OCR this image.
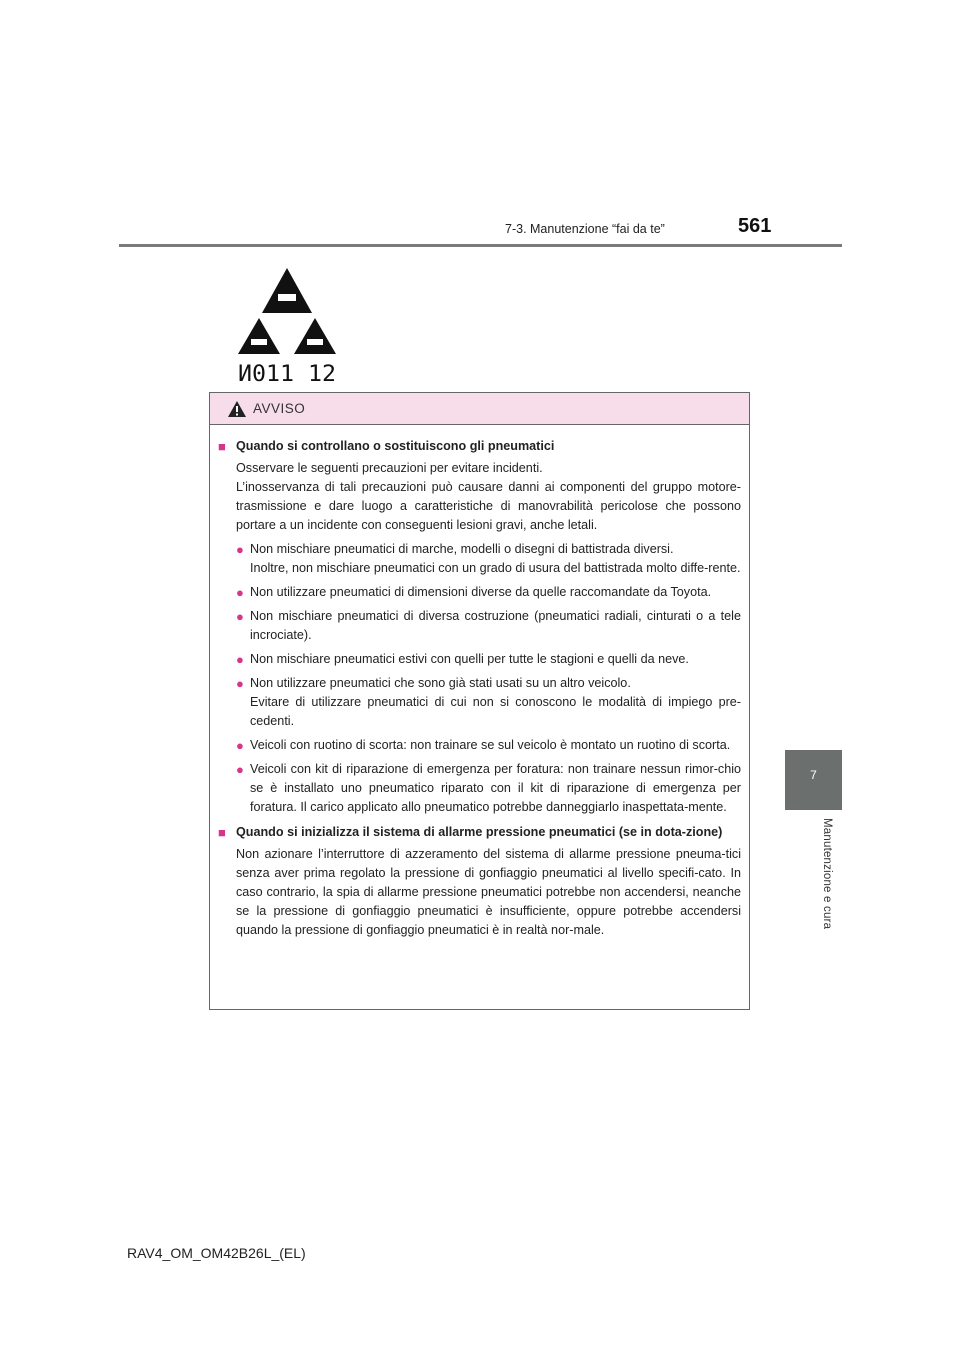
7-3. Manutenzione “fai da te”	561
7
Manutenzione e cura
И011 12
AVVISO
■ Quando si controllano o sostituiscono gli pneumatici
Osservare le seguenti precauzioni per evitare incidenti.
L’inosservanza di tali precauzioni può causare danni ai componenti del gruppo motore-trasmissione e dare luogo a caratteristiche di manovrabilità pericolose che possono portare a un incidente con conseguenti lesioni gravi, anche letali.
● Non mischiare pneumatici di marche, modelli o disegni di battistrada diversi.
Inoltre, non mischiare pneumatici con un grado di usura del battistrada molto diffe-rente.
● Non utilizzare pneumatici di dimensioni diverse da quelle raccomandate da Toyota.
● Non mischiare pneumatici di diversa costruzione (pneumatici radiali, cinturati o a tele incrociate).
● Non mischiare pneumatici estivi con quelli per tutte le stagioni e quelli da neve.
● Non utilizzare pneumatici che sono già stati usati su un altro veicolo.
Evitare di utilizzare pneumatici di cui non si conoscono le modalità di impiego pre-cedenti.
● Veicoli con ruotino di scorta: non trainare se sul veicolo è montato un ruotino di scorta.
● Veicoli con kit di riparazione di emergenza per foratura: non trainare nessun rimor-chio se è installato uno pneumatico riparato con il kit di riparazione di emergenza per foratura. Il carico applicato allo pneumatico potrebbe danneggiarlo inaspettata-mente.
■ Quando si inizializza il sistema di allarme pressione pneumatici (se in dota-zione)
Non azionare l’interruttore di azzeramento del sistema di allarme pressione pneuma-tici senza aver prima regolato la pressione di gonfiaggio pneumatici al livello specifi-cato. In caso contrario, la spia di allarme pressione pneumatici potrebbe non accendersi, neanche se la pressione di gonfiaggio pneumatici è insufficiente, oppure potrebbe accendersi quando la pressione di gonfiaggio pneumatici è in realtà nor-male.
RAV4_OM_OM42B26L_(EL)
